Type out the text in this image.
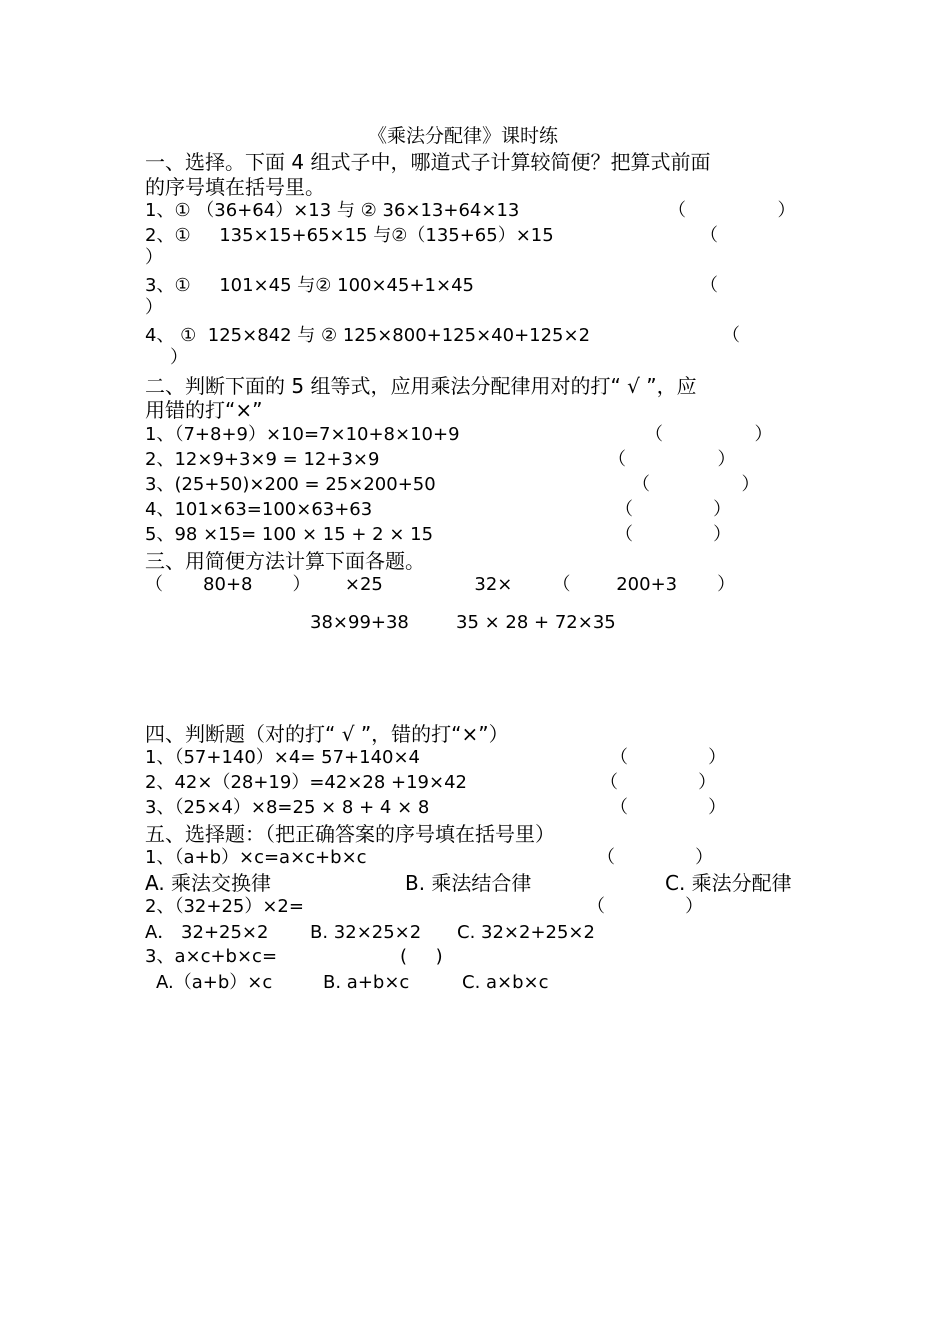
《乘法分配律》课时练
一、选择。下面 4 组式子中，哪道式子计算较简便？把算式前面
的序号填在括号里。
1、① （36+64）×13 与 ② 36×13+64×13	（                ）
2、①     135×15+65×15 与②（135+65）×15	（
）
3、①     101×45 与② 100×45+1×45	（
）
4、 ①  125×842 与 ② 125×800+125×40+125×2	（
）
二、判断下面的 5 组等式，应用乘法分配律用对的打“ √ ”，应
用错的打“×”
1、（7+8+9）×10=7×10+8×10+9	（                ）
2、12×9+3×9 = 12+3×9	（                ）
3、(25+50)×200 = 25×200+50	（                ）
4、101×63=100×63+63	（              ）
5、98 ×15= 100 × 15 + 2 × 15	（              ）
三、用简便方法计算下面各题。
（       80+8       ）      ×25                32×       （        200+3       ）
38×99+38	35 × 28 + 72×35
四、判断题（对的打“ √ ”，错的打“×”）
1、（57+140）×4= 57+140×4	（              ）
2、42×（28+19）=42×28 +19×42	（              ）
3、（25×4）×8=25 × 8 + 4 × 8	（              ）
五、选择题：（把正确答案的序号填在括号里）
1、（a+b）×c=a×c+b×c	（              ）
A. 乘法交换律	B. 乘法结合律	C. 乘法分配律
2、（32+25）×2=	（              ）
A． 32+25×2 B. 32×25×2 C. 32×2+25×2
3、a×c+b×c=	(     )
A.（a+b）×c	B. a+b×c	C. a×b×c
